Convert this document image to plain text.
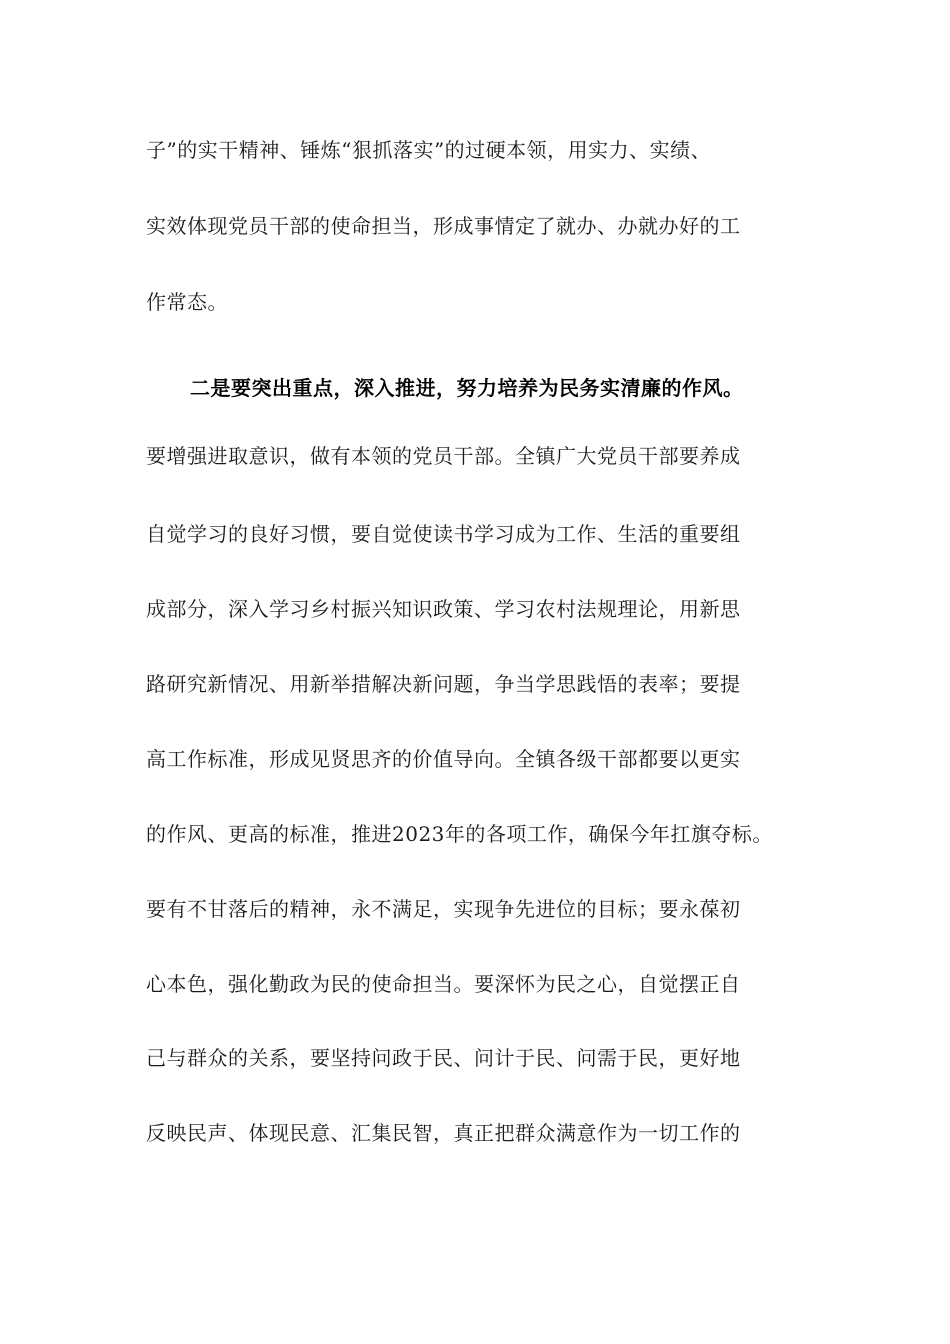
子”的实干精神、锤炼“狠抓落实”的过硬本领，用实力、实绩、
实效体现党员干部的使命担当，形成事情定了就办、办就办好的工
作常态。
二是要突出重点，深入推进，努力培养为民务实清廉的作风。
要增强进取意识，做有本领的党员干部。全镇广大党员干部要养成
自觉学习的良好习惯，要自觉使读书学习成为工作、生活的重要组
成部分，深入学习乡村振兴知识政策、学习农村法规理论，用新思
路研究新情况、用新举措解决新问题，争当学思践悟的表率；要提
高工作标准，形成见贤思齐的价值导向。全镇各级干部都要以更实
的作风、更高的标准，推进2023年的各项工作，确保今年扛旗夺标。
要有不甘落后的精神，永不满足，实现争先进位的目标；要永葆初
心本色，强化勤政为民的使命担当。要深怀为民之心，自觉摆正自
己与群众的关系，要坚持问政于民、问计于民、问需于民，更好地
反映民声、体现民意、汇集民智，真正把群众满意作为一切工作的
